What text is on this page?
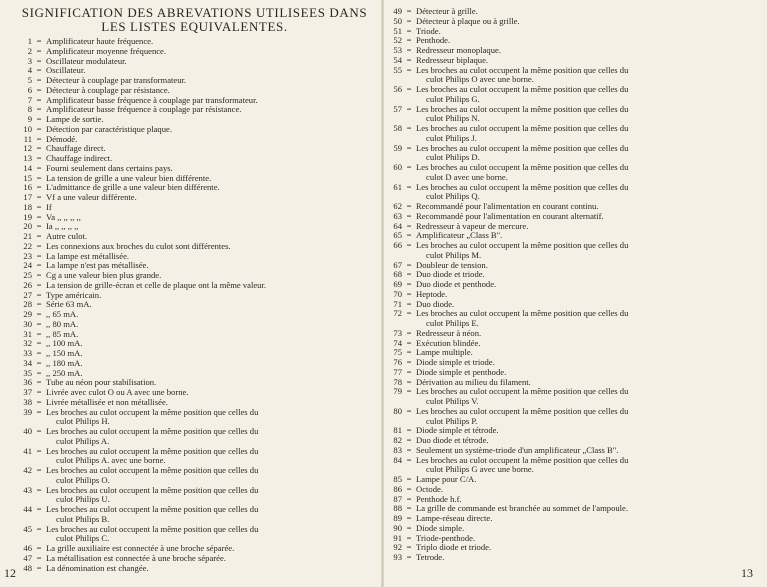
SIGNIFICATION DES ABREVATIONS UTILISEES DANS
LES LISTES EQUIVALENTES.
1 = Amplificateur haute fréquence.
2 = Amplificateur moyenne fréquence.
3 = Oscillateur modulateur.
4 = Oscillateur.
5 = Détecteur à couplage par transformateur.
6 = Détecteur à couplage par résistance.
7 = Amplificateur basse fréquence à couplage par transformateur.
8 = Amplificateur basse fréquence à couplage par résistance.
9 = Lampe de sortie.
10 = Détection par caractéristique plaque.
11 = Démodé.
12 = Chauffage direct.
13 = Chauffage indirect.
14 = Fourni seulement dans certains pays.
15 = La tension de grille a une valeur bien différente.
16 = L'admittance de grille a une valeur bien différente.
17 = Vf a une valeur différente.
18 = If
19 = Va ,, ,, ,, ,,
20 = Ia ,, ,, ,, ,,
21 = Autre culot.
22 = Les connexions aux broches du culot sont différentes.
23 = La lampe est métallisée.
24 = La lampe n'est pas métallisée.
25 = Cg a une valeur bien plus grande.
26 = La tension de grille-écran et celle de plaque ont la même valeur.
27 = Type américain.
28 = Série 63 mA.
29 = ,, 65 mA.
30 = ,, 80 mA.
31 = ,, 85 mA.
32 = ,, 100 mA.
33 = ,, 150 mA.
34 = ,, 180 mA.
35 = ,, 250 mA.
36 = Tube au néon pour stabilisation.
37 = Livrée avec culot O ou A avec une borne.
38 = Livrée métallisée et non métallisée.
39 = Les broches au culot occupent la même position que celles du
culot Philips H.
40 = Les broches au culot occupent la même position que celles du
culot Philips A.
41 = Les broches au culot occupent la même position que celles du
culot Philips A. avec une borne.
42 = Les broches au culot occupent la même position que celles du
culot Philips O.
43 = Les broches au culot occupent la même position que celles du
culot Philips U.
44 = Les broches au culot occupent la même position que celles du
culot Philips B.
45 = Les broches au culot occupent la même position que celles du
culot Philips C.
46 = La grille auxiliaire est connectée à une broche séparée.
47 = La métallisation est connectée à une broche séparée.
48 = La dénomination est changée.
12
49 = Détecteur à grille.
50 = Détecteur à plaque ou à grille.
51 = Triode.
52 = Penthode.
53 = Redresseur monoplaque.
54 = Redresseur biplaque.
55 = Les broches au culot occupent la même position que celles du
culot Philips O avec une borne.
56 = Les broches au culot occupent la même position que celles du
culot Philips G.
57 = Les broches au culot occupent la même position que celles du
culot Philips N.
58 = Les broches au culot occupent la même position que celles du
culot Philips J.
59 = Les broches au culot occupent la même position que celles du
culot Philips D.
60 = Les broches au culot occupent la même position que celles du
culot D avec une borne.
61 = Les broches au culot occupent la même position que celles du
culot Philips Q.
62 = Recommandé pour l'alimentation en courant continu.
63 = Recommandé pour l'alimentation en courant alternatif.
64 = Redresseur à vapeur de mercure.
65 = Amplificateur „Class B".
66 = Les broches au culot occupent la même position que celles du
culot Philips M.
67 = Doubleur de tension.
68 = Duo diode et triode.
69 = Duo diode et penthode.
70 = Heptode.
71 = Duo diode.
72 = Les broches au culot occupent la même position que celles du
culot Philips E.
73 = Redresseur à néon.
74 = Exécution blindée.
75 = Lampe multiple.
76 = Diode simple et triode.
77 = Diode simple et penthode.
78 = Dérivation au milieu du filament.
79 = Les broches au culot occupent la même position que celles du
culot Philips V.
80 = Les broches au culot occupent la même position que celles du
culot Philips P.
81 = Diode simple et tétrode.
82 = Duo diode et tétrode.
83 = Seulement un système-triode d'un amplificateur „Class B".
84 = Les broches au culot occupent la même position que celles du
culot Philips G avec une borne.
85 = Lampe pour C/A.
86 = Octode.
87 = Penthode h.f.
88 = La grille de commande est branchée au sommet de l'ampoule.
89 = Lampe-réseau directe.
90 = Diode simple.
91 = Triode-penthode.
92 = Triplo diode et triode.
93 = Tetrode.
13
